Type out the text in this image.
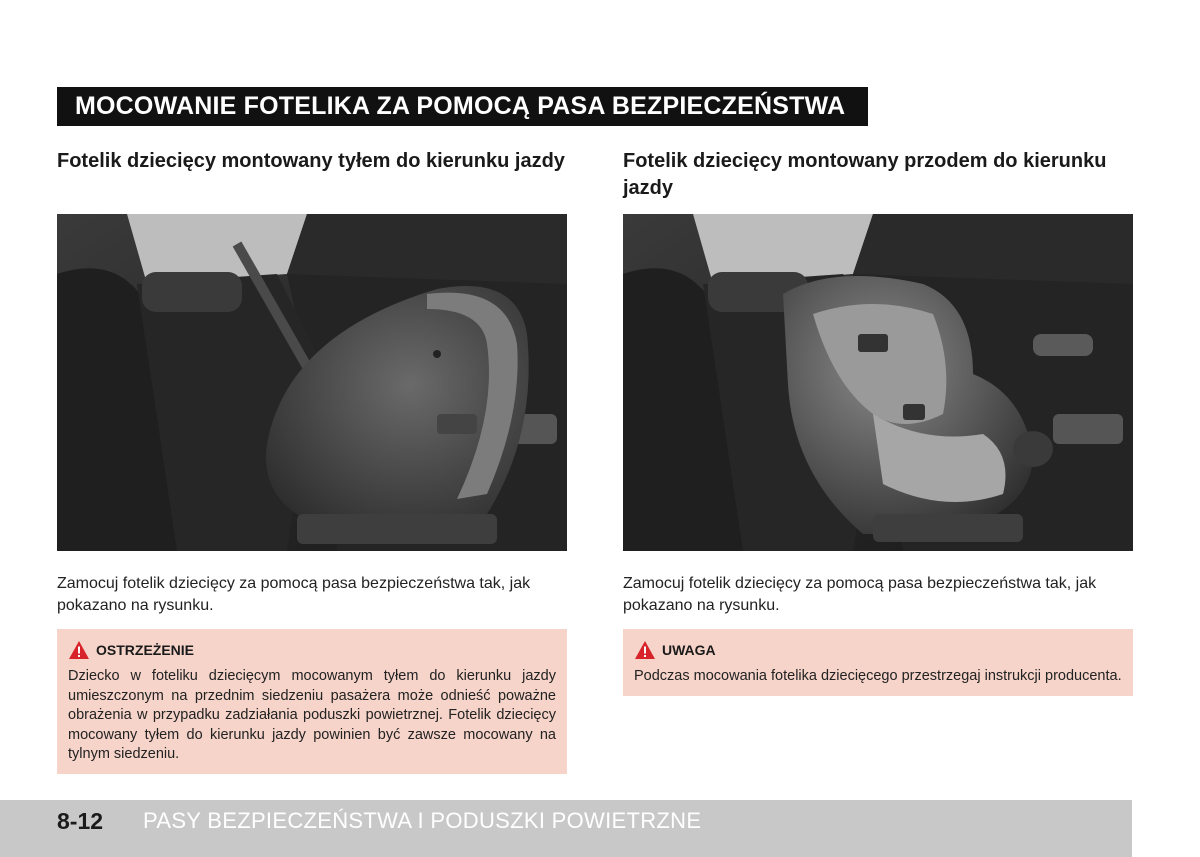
MOCOWANIE FOTELIKA ZA POMOCĄ PASA BEZPIECZEŃSTWA
Fotelik dziecięcy montowany tyłem do kierunku jazdy

Zamocuj fotelik dziecięcy za pomocą pasa bezpieczeństwa tak, jak pokazano na rysunku.

OSTRZEŻENIE
Dziecko w foteliku dziecięcym mocowanym tyłem do kierunku jazdy umieszczonym na przednim siedzeniu pasażera może odnieść poważne obrażenia w przypadku zadziałania poduszki powietrznej. Fotelik dziecięcy mocowany tyłem do kierunku jazdy powinien być zawsze mocowany na tylnym siedzeniu.
Fotelik dziecięcy montowany przodem do kierunku jazdy

Zamocuj fotelik dziecięcy za pomocą pasa bezpieczeństwa tak, jak pokazano na rysunku.

UWAGA
Podczas mocowania fotelika dziecięcego przestrzegaj instrukcji producenta.
8-12 PASY BEZPIECZEŃSTWA I PODUSZKI POWIETRZNE
